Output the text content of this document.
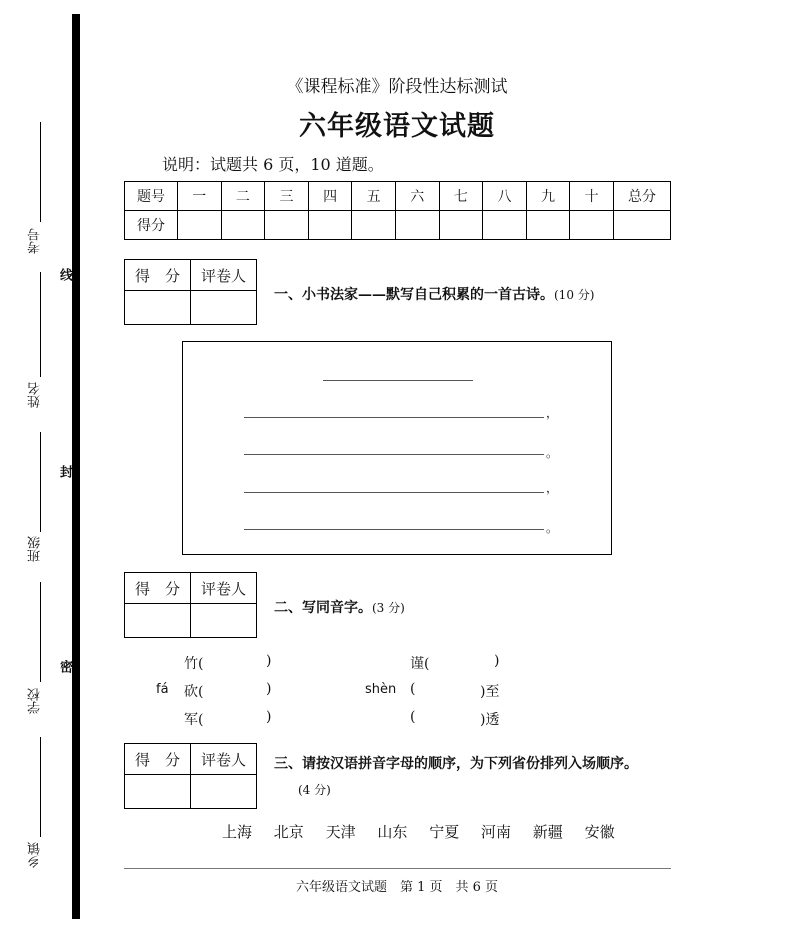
考号
姓名
班级
学校
乡镇
线
封
密
《课程标准》阶段性达标测试
六年级语文试题
说明：试题共 6 页，10 道题。
题号	一	二	三	四	五	六	七	八	九	十	总分
得分											
得　分	评卷人

一、小书法家——默写自己积累的一首古诗。(10 分)
，
。
，
。
得　分	评卷人

二、写同音字。(3 分)
竹(	)
fá 砍(	)
军(	)
谨(	)
shèn (	)至
(	)透
得　分	评卷人
	三、请按汉语拼音字母的顺序，为下列省份排列入场顺序。
(4 分)
上海 北京 天津 山东 宁夏 河南 新疆 安徽
六年级语文试题　第 1 页　共 6 页
